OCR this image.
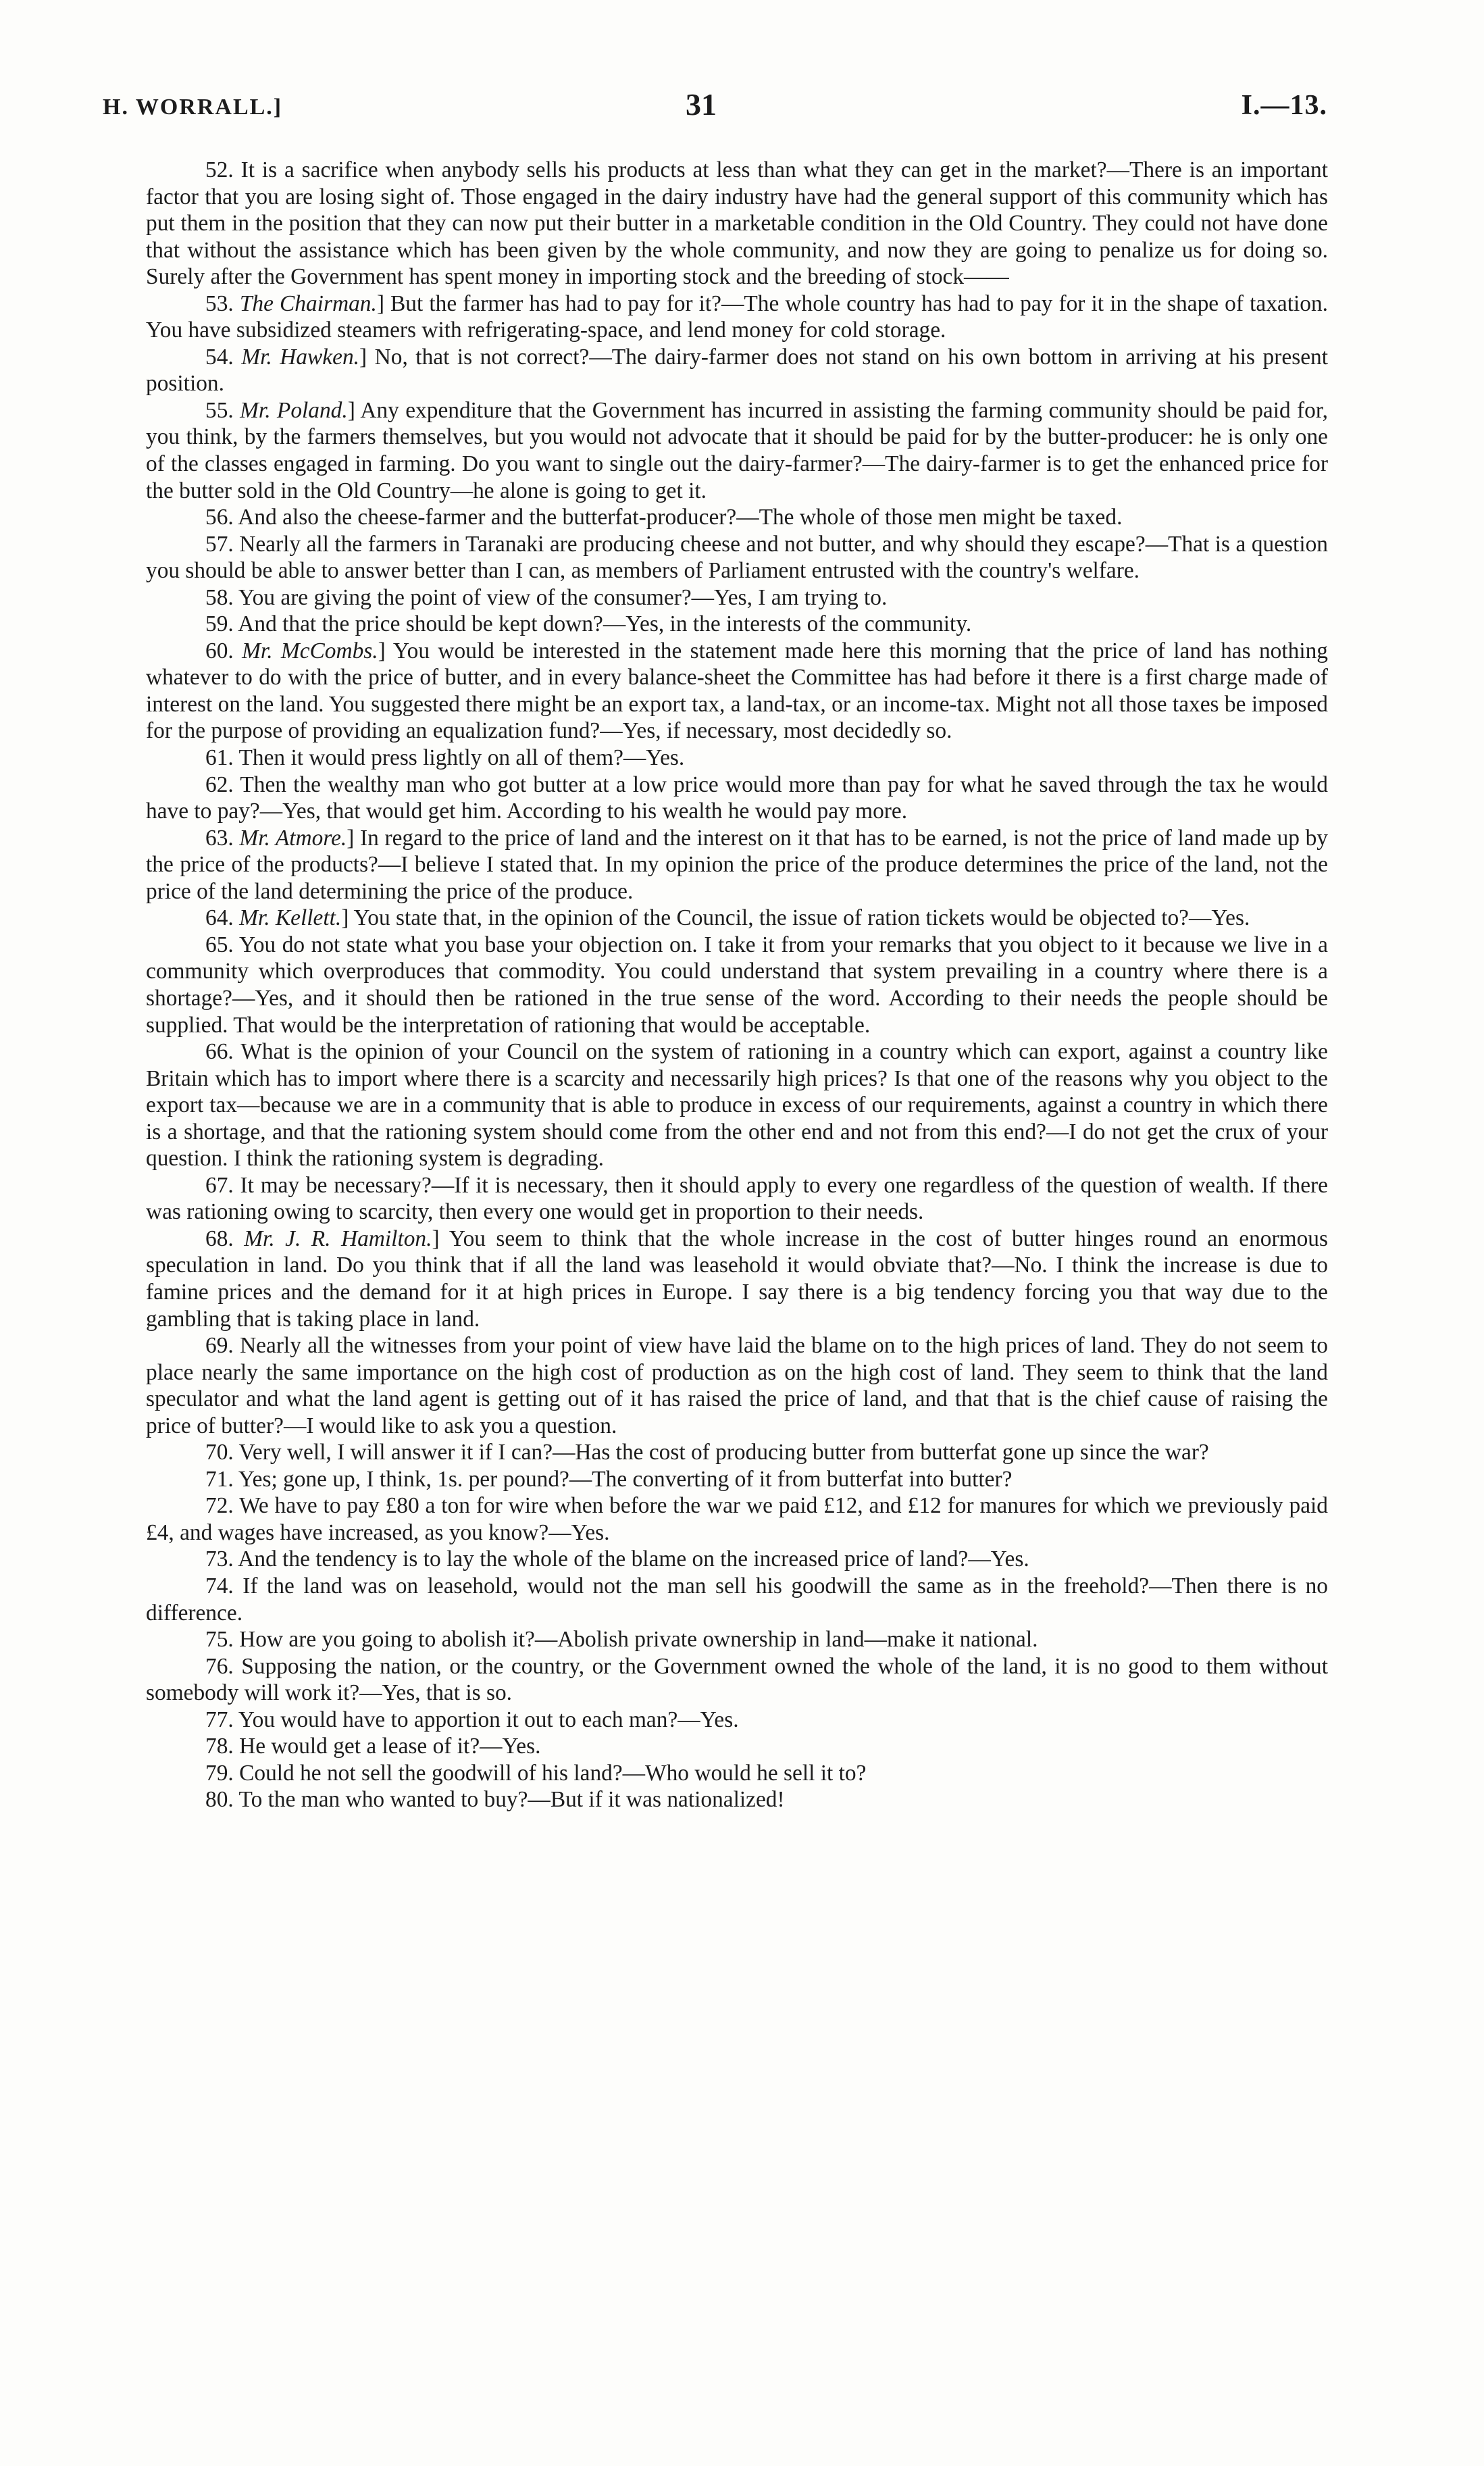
H. WORRALL.]	31	I.—13.

52. It is a sacrifice when anybody sells his products at less than what they can get in the market?—There is an important factor that you are losing sight of. Those engaged in the dairy industry have had the general support of this community which has put them in the position that they can now put their butter in a marketable condition in the Old Country. They could not have done that without the assistance which has been given by the whole community, and now they are going to penalize us for doing so. Surely after the Government has spent money in importing stock and the breeding of stock——

53. The Chairman.] But the farmer has had to pay for it?—The whole country has had to pay for it in the shape of taxation. You have subsidized steamers with refrigerating-space, and lend money for cold storage.

54. Mr. Hawken.] No, that is not correct?—The dairy-farmer does not stand on his own bottom in arriving at his present position.

55. Mr. Poland.] Any expenditure that the Government has incurred in assisting the farming community should be paid for, you think, by the farmers themselves, but you would not advocate that it should be paid for by the butter-producer: he is only one of the classes engaged in farming. Do you want to single out the dairy-farmer?—The dairy-farmer is to get the enhanced price for the butter sold in the Old Country—he alone is going to get it.

56. And also the cheese-farmer and the butterfat-producer?—The whole of those men might be taxed.

57. Nearly all the farmers in Taranaki are producing cheese and not butter, and why should they escape?—That is a question you should be able to answer better than I can, as members of Parliament entrusted with the country's welfare.

58. You are giving the point of view of the consumer?—Yes, I am trying to.

59. And that the price should be kept down?—Yes, in the interests of the community.

60. Mr. McCombs.] You would be interested in the statement made here this morning that the price of land has nothing whatever to do with the price of butter, and in every balance-sheet the Committee has had before it there is a first charge made of interest on the land. You suggested there might be an export tax, a land-tax, or an income-tax. Might not all those taxes be imposed for the purpose of providing an equalization fund?—Yes, if necessary, most decidedly so.

61. Then it would press lightly on all of them?—Yes.

62. Then the wealthy man who got butter at a low price would more than pay for what he saved through the tax he would have to pay?—Yes, that would get him. According to his wealth he would pay more.

63. Mr. Atmore.] In regard to the price of land and the interest on it that has to be earned, is not the price of land made up by the price of the products?—I believe I stated that. In my opinion the price of the produce determines the price of the land, not the price of the land determining the price of the produce.

64. Mr. Kellett.] You state that, in the opinion of the Council, the issue of ration tickets would be objected to?—Yes.

65. You do not state what you base your objection on. I take it from your remarks that you object to it because we live in a community which overproduces that commodity. You could understand that system prevailing in a country where there is a shortage?—Yes, and it should then be rationed in the true sense of the word. According to their needs the people should be supplied. That would be the interpretation of rationing that would be acceptable.

66. What is the opinion of your Council on the system of rationing in a country which can export, against a country like Britain which has to import where there is a scarcity and necessarily high prices? Is that one of the reasons why you object to the export tax—because we are in a community that is able to produce in excess of our requirements, against a country in which there is a shortage, and that the rationing system should come from the other end and not from this end?—I do not get the crux of your question. I think the rationing system is degrading.

67. It may be necessary?—If it is necessary, then it should apply to every one regardless of the question of wealth. If there was rationing owing to scarcity, then every one would get in proportion to their needs.

68. Mr. J. R. Hamilton.] You seem to think that the whole increase in the cost of butter hinges round an enormous speculation in land. Do you think that if all the land was leasehold it would obviate that?—No. I think the increase is due to famine prices and the demand for it at high prices in Europe. I say there is a big tendency forcing you that way due to the gambling that is taking place in land.

69. Nearly all the witnesses from your point of view have laid the blame on to the high prices of land. They do not seem to place nearly the same importance on the high cost of production as on the high cost of land. They seem to think that the land speculator and what the land agent is getting out of it has raised the price of land, and that that is the chief cause of raising the price of butter?—I would like to ask you a question.

70. Very well, I will answer it if I can?—Has the cost of producing butter from butterfat gone up since the war?

71. Yes; gone up, I think, 1s. per pound?—The converting of it from butterfat into butter?

72. We have to pay £80 a ton for wire when before the war we paid £12, and £12 for manures for which we previously paid £4, and wages have increased, as you know?—Yes.

73. And the tendency is to lay the whole of the blame on the increased price of land?—Yes.

74. If the land was on leasehold, would not the man sell his goodwill the same as in the freehold?—Then there is no difference.

75. How are you going to abolish it?—Abolish private ownership in land—make it national.

76. Supposing the nation, or the country, or the Government owned the whole of the land, it is no good to them without somebody will work it?—Yes, that is so.

77. You would have to apportion it out to each man?—Yes.

78. He would get a lease of it?—Yes.

79. Could he not sell the goodwill of his land?—Who would he sell it to?

80. To the man who wanted to buy?—But if it was nationalized!
